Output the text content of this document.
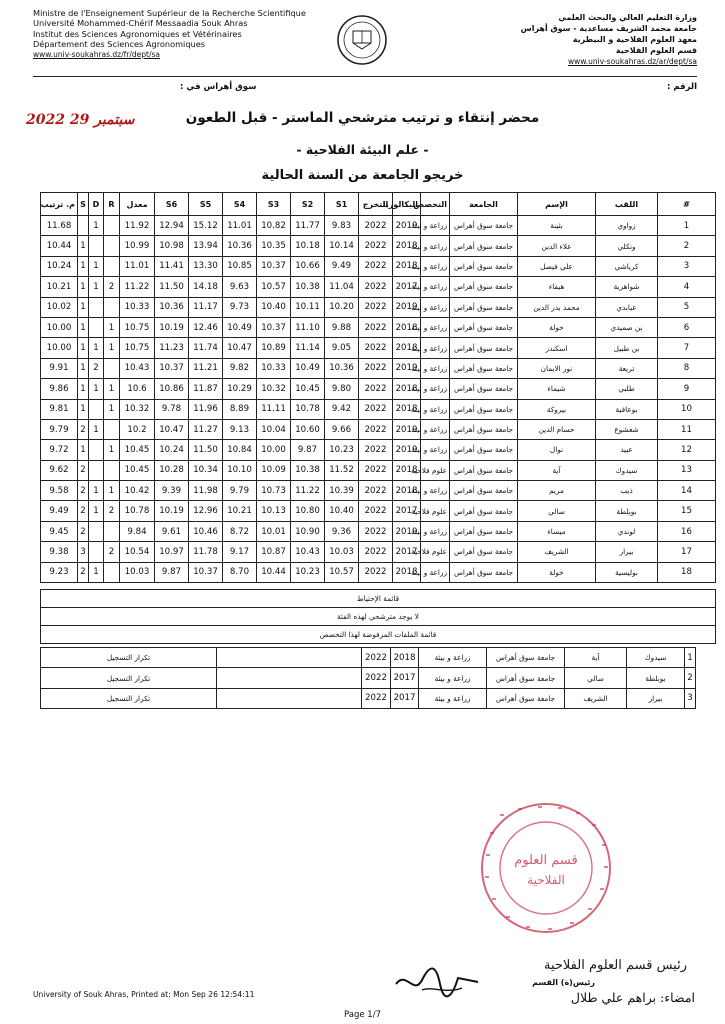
Ministre de l'Enseignement Supérieur de la Recherche Scientifique
Université Mohammed-Chérif Messaadia Souk Ahras
Institut des Sciences Agronomiques et Vétérinaires
Département des Sciences Agronomiques
www.univ-soukahras.dz/fr/dept/sa
وزارة التعليم العالي والبحث العلمي
جامعة محمد الشريف مساعدية - سوق أهراس
معهد العلوم الفلاحية و البيطرية
قسم العلوم الفلاحية
www.univ-soukahras.dz/ar/dept/sa
سوق أهراس في :	الرقم :
2022 سبتمبر 29	محضر إنتقاء و ترتيب مترشحي الماستر - قبل الطعون
- علم البيئة الفلاحية -
خريجو الجامعة من السنة الحالية
م. ترتيب	S	D	R	معدل	S6	S5	S4	S3	S2	S1	التخرج	البكالوريا	التخصص	الجامعة	الإسم	اللقب	#
11.68		1		11.92	12.94	15.12	11.01	10.82	11.77	9.83	2022	2019	زراعة و بيئة	جامعة سوق أهراس	بثينة	زواوي	1
10.44	1			10.99	10.98	13.94	10.36	10.35	10.18	10.14	2022	2018	زراعة و بيئة	جامعة سوق أهراس	علاء الدين	ونكلي	2
10.24	1	1		11.01	11.41	13.30	10.85	10.37	10.66	9.49	2022	2018	زراعة و بيئة	جامعة سوق أهراس	علي فيصل	كرياشي	3
10.21	1	1	2	11.22	11.50	14.18	9.63	10.57	10.38	11.04	2022	2017	زراعة و بيئة	جامعة سوق أهراس	هيفاء	شواهرية	4
10.02	1			10.33	10.36	11.17	9.73	10.40	10.11	10.20	2022	2019	زراعة و بيئة	جامعة سوق أهراس	محمد بدر الدين	عبابدي	5
10.00	1		1	10.75	10.19	12.46	10.49	10.37	11.10	9.88	2022	2018	زراعة و بيئة	جامعة سوق أهراس	خولة	بن صميدي	6
10.00	1	1	1	10.75	11.23	11.74	10.47	10.89	11.14	9.05	2022	2018	زراعة و بيئة	جامعة سوق أهراس	اسكندر	بن طبيل	7
9.91	1	2		10.43	10.37	11.21	9.82	10.33	10.49	10.36	2022	2019	زراعة و بيئة	جامعة سوق أهراس	نور الايمان	تريعة	8
9.86	1	1	1	10.6	10.86	11.87	10.29	10.32	10.45	9.80	2022	2018	زراعة و بيئة	جامعة سوق أهراس	شيماء	طلبي	9
9.81	1		1	10.32	9.78	11.96	8.89	11.11	10.78	9.42	2022	2018	زراعة و بيئة	جامعة سوق أهراس	بيروكة	بوعافية	10
9.79	2	1		10.2	10.47	11.27	9.13	10.04	10.60	9.66	2022	2019	زراعة و بيئة	جامعة سوق أهراس	حسام الدين	شعشوع	11
9.72	1		1	10.45	10.24	11.50	10.84	10.00	9.87	10.23	2022	2019	زراعة و بيئة	جامعة سوق أهراس	نوال	عبيد	12
9.62	2			10.45	10.28	10.34	10.10	10.09	10.38	11.52	2022	2018	علوم فلاحية	جامعة سوق أهراس	آية	سيدوك	13
9.58	2	1	1	10.42	9.39	11.98	9.79	10.73	11.22	10.39	2022	2018	زراعة و بيئة	جامعة سوق أهراس	مريم	ذيب	14
9.49	2	1	2	10.78	10.19	12.96	10.21	10.13	10.80	10.40	2022	2017	علوم فلاحية	جامعة سوق أهراس	سالي	بوبلطة	15
9.45	2			9.84	9.61	10.46	8.72	10.01	10.90	9.36	2022	2019	زراعة و بيئة	جامعة سوق أهراس	ميساء	لوندي	16
9.38	3		2	10.54	10.97	11.78	9.17	10.87	10.43	10.03	2022	2017	علوم فلاحية	جامعة سوق أهراس	الشريف	بيرار	17
9.23	2	1		10.03	9.87	10.37	8.70	10.44	10.23	10.57	2022	2018	زراعة و بيئة	جامعة سوق أهراس	خولة	بوليسية	18

قائمة الإحتياط																	
لا يوجد مترشحي لهذه الفئة																	
قائمة الملفات المرفوضة لهذا التخصص																	
تكرار التسجيل		2022	2018	زراعة و بيئة	جامعة سوق أهراس	آية	سيدوك	1
تكرار التسجيل		2022	2017	زراعة و بيئة	جامعة سوق أهراس	سالي	بوبلطة	2
تكرار التسجيل		2022	2017	زراعة و بيئة	جامعة سوق أهراس	الشريف	بيرار	3
قسم العلوم
الفلاحية
رئيس قسم العلوم الفلاحية
رئيس(ة) القسم
امضاء: براهم علي طلال
University of Souk Ahras, Printed at: Mon Sep 26 12:54:11
Page 1/7
